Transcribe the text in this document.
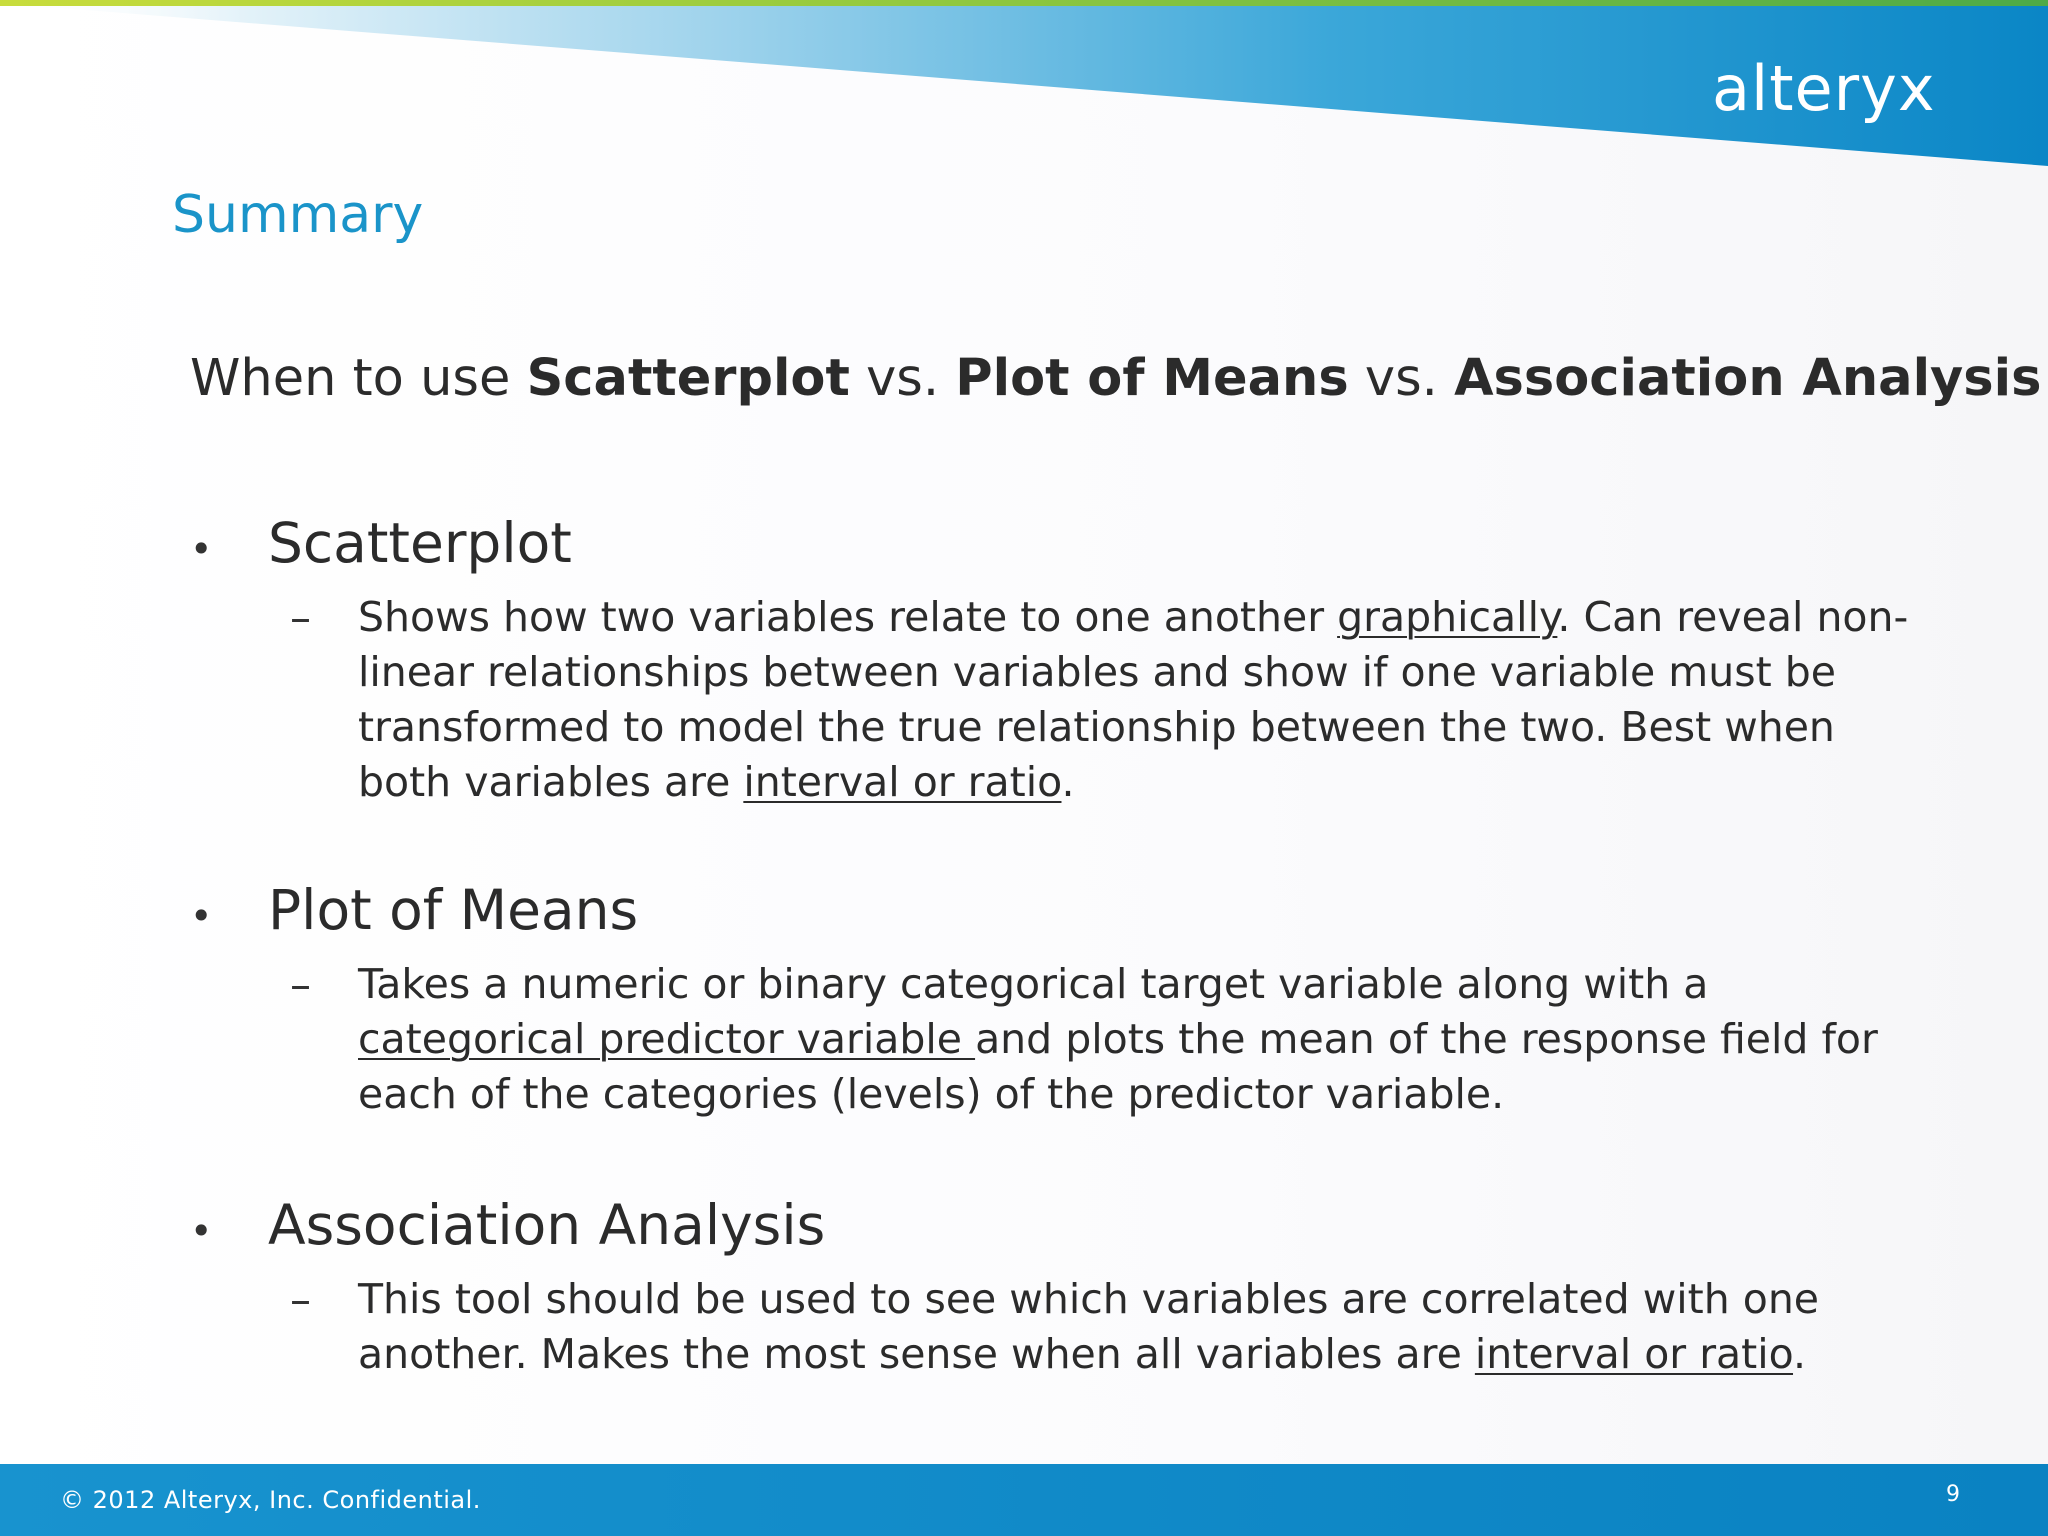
alteryx
Summary

When to use Scatterplot vs. Plot of Means vs. Association Analysis

•	Scatterplot
–	Shows how two variables relate to one another graphically. Can reveal non-linear relationships between variables and show if one variable must be transformed to model the true relationship between the two. Best when both variables are interval or ratio.
•	Plot of Means
–	Takes a numeric or binary categorical target variable along with a categorical predictor variable and plots the mean of the response field for each of the categories (levels) of the predictor variable.
•	Association Analysis
–	This tool should be used to see which variables are correlated with one another. Makes the most sense when all variables are interval or ratio.
© 2012 Alteryx, Inc. Confidential.	9
